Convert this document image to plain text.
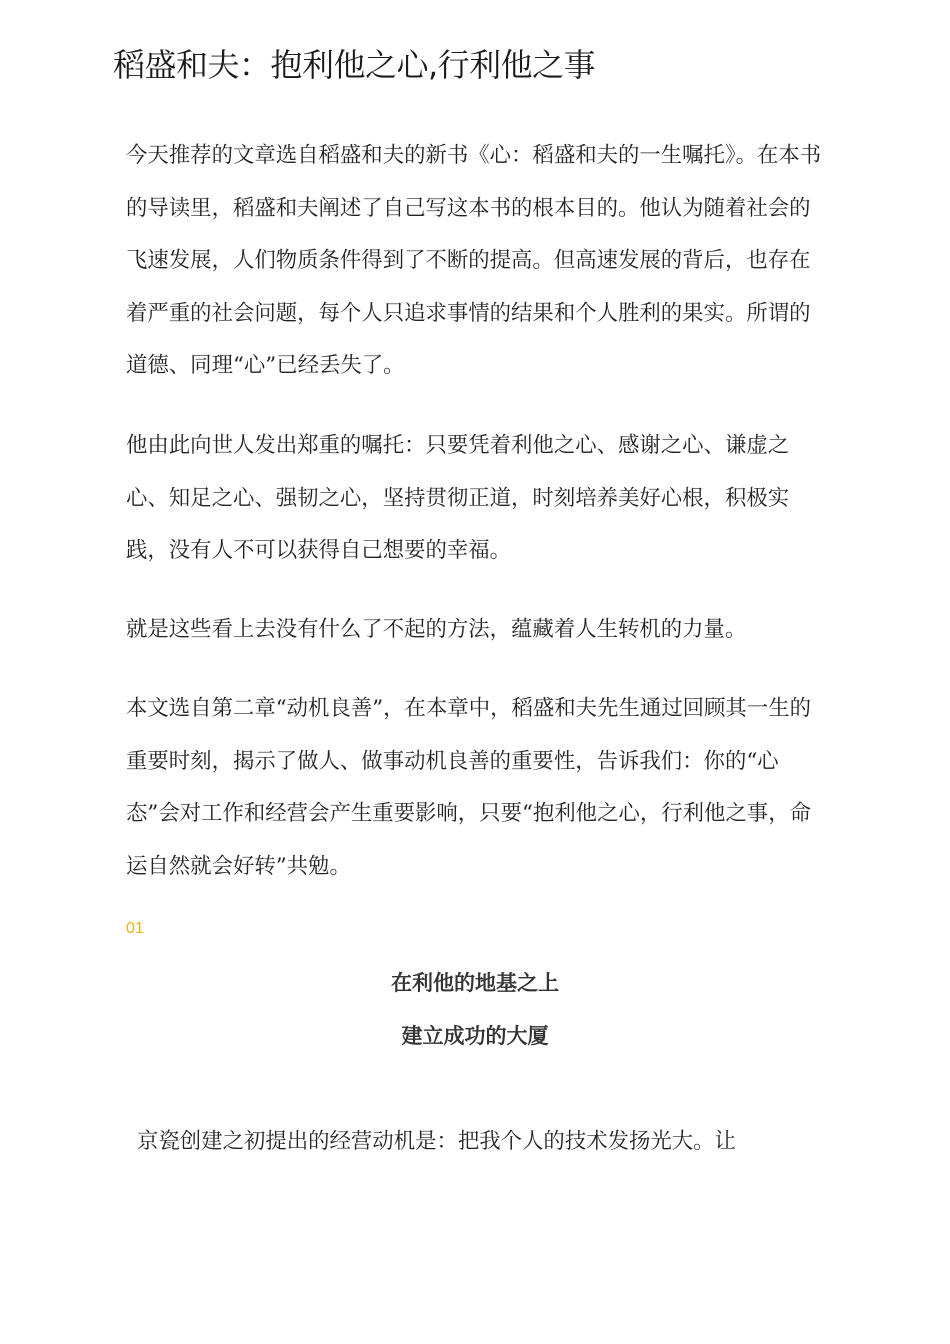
稻盛和夫：抱利他之心,行利他之事

今天推荐的文章选自稻盛和夫的新书《心：稻盛和夫的一生嘱托》。在本书的导读里，稻盛和夫阐述了自己写这本书的根本目的。他认为随着社会的飞速发展，人们物质条件得到了不断的提高。但高速发展的背后，也存在着严重的社会问题，每个人只追求事情的结果和个人胜利的果实。所谓的道德、同理“心”已经丢失了。

他由此向世人发出郑重的嘱托：只要凭着利他之心、感谢之心、谦虚之心、知足之心、强韧之心，坚持贯彻正道，时刻培养美好心根，积极实践，没有人不可以获得自己想要的幸福。

就是这些看上去没有什么了不起的方法，蕴藏着人生转机的力量。

本文选自第二章“动机良善”，在本章中，稻盛和夫先生通过回顾其一生的重要时刻，揭示了做人、做事动机良善的重要性，告诉我们：你的“心态”会对工作和经营会产生重要影响，只要“抱利他之心，行利他之事，命运自然就会好转”共勉。

01
在利他的地基之上
建立成功的大厦

京瓷创建之初提出的经营动机是：把我个人的技术发扬光大。让
